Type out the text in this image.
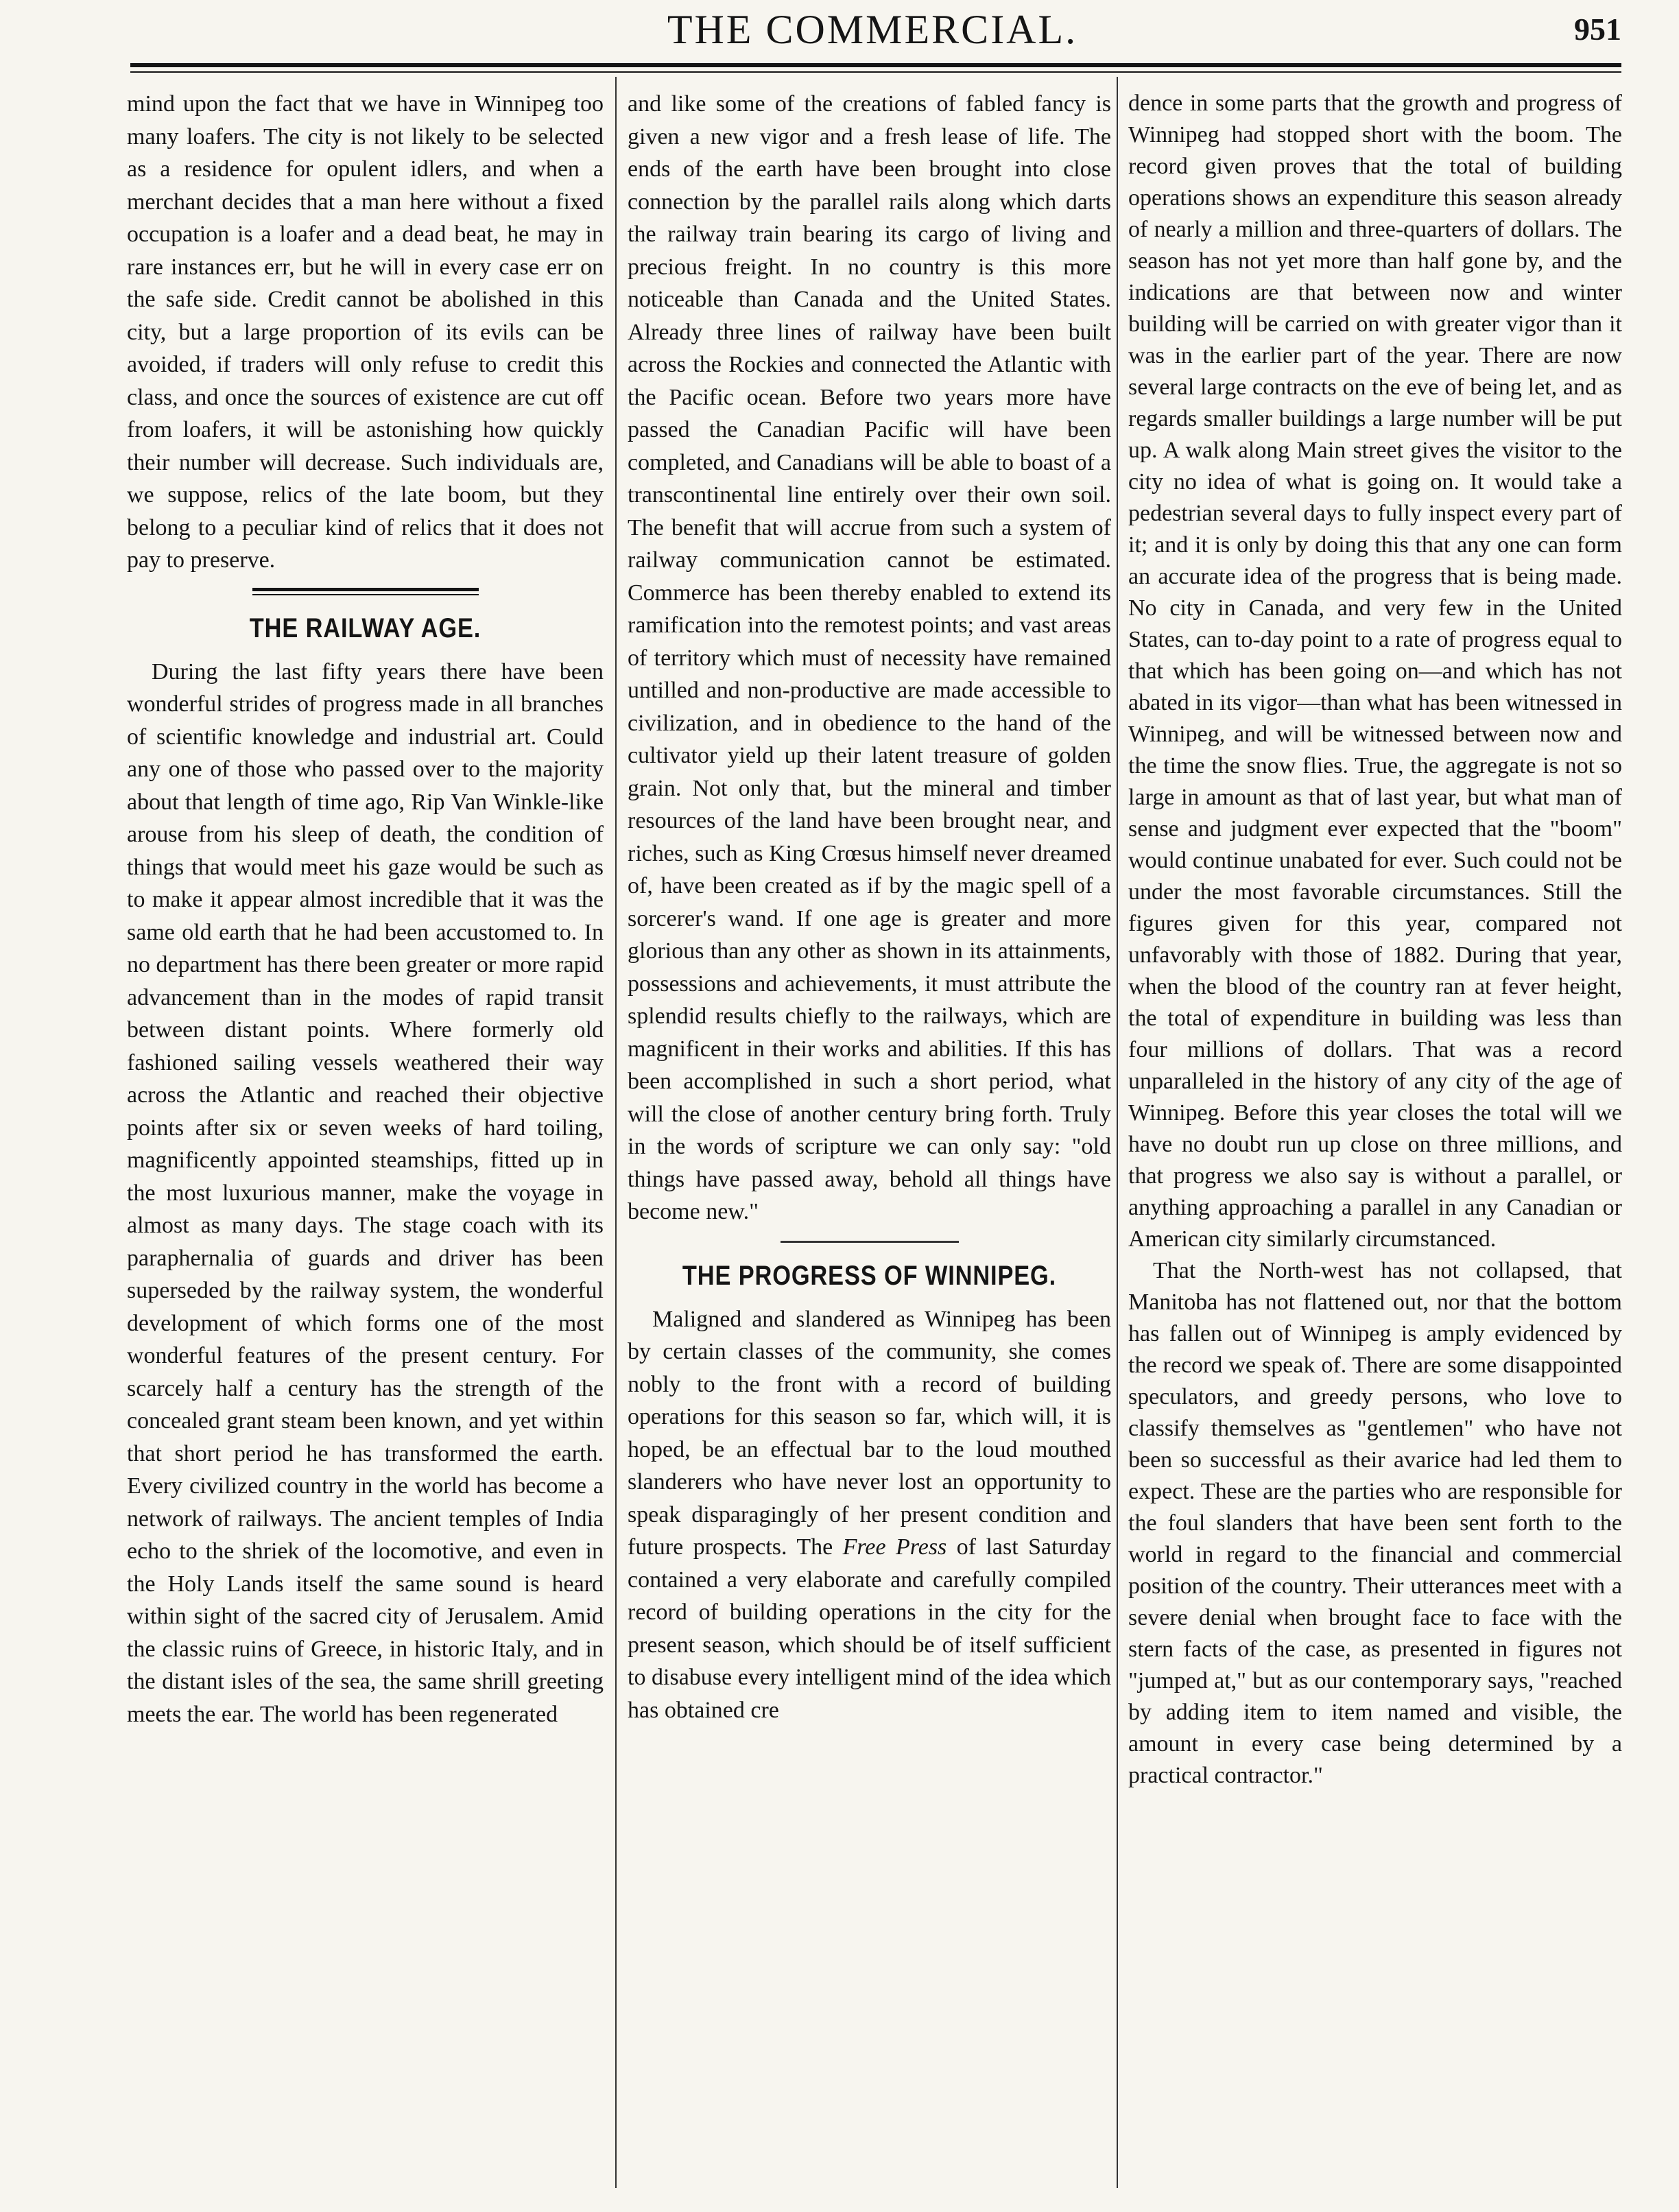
THE COMMERCIAL.	951

mind upon the fact that we have in Winnipeg too many loafers. The city is not likely to be selected as a residence for opulent idlers, and when a merchant decides that a man here without a fixed occupation is a loafer and a dead beat, he may in rare instances err, but he will in every case err on the safe side. Credit cannot be abolished in this city, but a large proportion of its evils can be avoided, if traders will only refuse to credit this class, and once the sources of existence are cut off from loafers, it will be astonishing how quickly their number will decrease. Such individuals are, we suppose, relics of the late boom, but they belong to a peculiar kind of relics that it does not pay to preserve.

THE RAILWAY AGE.

During the last fifty years there have been wonderful strides of progress made in all branches of scientific knowledge and industrial art. Could any one of those who passed over to the majority about that length of time ago, Rip Van Winkle-like arouse from his sleep of death, the condition of things that would meet his gaze would be such as to make it appear almost incredible that it was the same old earth that he had been accustomed to. In no department has there been greater or more rapid advancement than in the modes of rapid transit between distant points. Where formerly old fashioned sailing vessels weathered their way across the Atlantic and reached their objective points after six or seven weeks of hard toiling, magnificently appointed steamships, fitted up in the most luxurious manner, make the voyage in almost as many days. The stage coach with its paraphernalia of guards and driver has been superseded by the railway system, the wonderful development of which forms one of the most wonderful features of the present century. For scarcely half a century has the strength of the concealed grant steam been known, and yet within that short period he has transformed the earth. Every civilized country in the world has become a network of railways. The ancient temples of India echo to the shriek of the locomotive, and even in the Holy Lands itself the same sound is heard within sight of the sacred city of Jerusalem. Amid the classic ruins of Greece, in historic Italy, and in the distant isles of the sea, the same shrill greeting meets the ear. The world has been regenerated

and like some of the creations of fabled fancy is given a new vigor and a fresh lease of life. The ends of the earth have been brought into close connection by the parallel rails along which darts the railway train bearing its cargo of living and precious freight. In no country is this more noticeable than Canada and the United States. Already three lines of railway have been built across the Rockies and connected the Atlantic with the Pacific ocean. Before two years more have passed the Canadian Pacific will have been completed, and Canadians will be able to boast of a transcontinental line entirely over their own soil. The benefit that will accrue from such a system of railway communication cannot be estimated. Commerce has been thereby enabled to extend its ramification into the remotest points; and vast areas of territory which must of necessity have remained untilled and non-productive are made accessible to civilization, and in obedience to the hand of the cultivator yield up their latent treasure of golden grain. Not only that, but the mineral and timber resources of the land have been brought near, and riches, such as King Crœsus himself never dreamed of, have been created as if by the magic spell of a sorcerer's wand. If one age is greater and more glorious than any other as shown in its attainments, possessions and achievements, it must attribute the splendid results chiefly to the railways, which are magnificent in their works and abilities. If this has been accomplished in such a short period, what will the close of another century bring forth. Truly in the words of scripture we can only say: "old things have passed away, behold all things have become new."

THE PROGRESS OF WINNIPEG.

Maligned and slandered as Winnipeg has been by certain classes of the community, she comes nobly to the front with a record of building operations for this season so far, which will, it is hoped, be an effectual bar to the loud mouthed slanderers who have never lost an opportunity to speak disparagingly of her present condition and future prospects. The Free Press of last Saturday contained a very elaborate and carefully compiled record of building operations in the city for the present season, which should be of itself sufficient to disabuse every intelligent mind of the idea which has obtained cre

dence in some parts that the growth and progress of Winnipeg had stopped short with the boom. The record given proves that the total of building operations shows an expenditure this season already of nearly a million and three-quarters of dollars. The season has not yet more than half gone by, and the indications are that between now and winter building will be carried on with greater vigor than it was in the earlier part of the year. There are now several large contracts on the eve of being let, and as regards smaller buildings a large number will be put up. A walk along Main street gives the visitor to the city no idea of what is going on. It would take a pedestrian several days to fully inspect every part of it; and it is only by doing this that any one can form an accurate idea of the progress that is being made. No city in Canada, and very few in the United States, can to-day point to a rate of progress equal to that which has been going on—and which has not abated in its vigor—than what has been witnessed in Winnipeg, and will be witnessed between now and the time the snow flies. True, the aggregate is not so large in amount as that of last year, but what man of sense and judgment ever expected that the "boom" would continue unabated for ever. Such could not be under the most favorable circumstances. Still the figures given for this year, compared not unfavorably with those of 1882. During that year, when the blood of the country ran at fever height, the total of expenditure in building was less than four millions of dollars. That was a record unparalleled in the history of any city of the age of Winnipeg. Before this year closes the total will we have no doubt run up close on three millions, and that progress we also say is without a parallel, or anything approaching a parallel in any Canadian or American city similarly circumstanced.

That the North-west has not collapsed, that Manitoba has not flattened out, nor that the bottom has fallen out of Winnipeg is amply evidenced by the record we speak of. There are some disappointed speculators, and greedy persons, who love to classify themselves as "gentlemen" who have not been so successful as their avarice had led them to expect. These are the parties who are responsible for the foul slanders that have been sent forth to the world in regard to the financial and commercial position of the country. Their utterances meet with a severe denial when brought face to face with the stern facts of the case, as presented in figures not "jumped at," but as our contemporary says, "reached by adding item to item named and visible, the amount in every case being determined by a practical contractor."
